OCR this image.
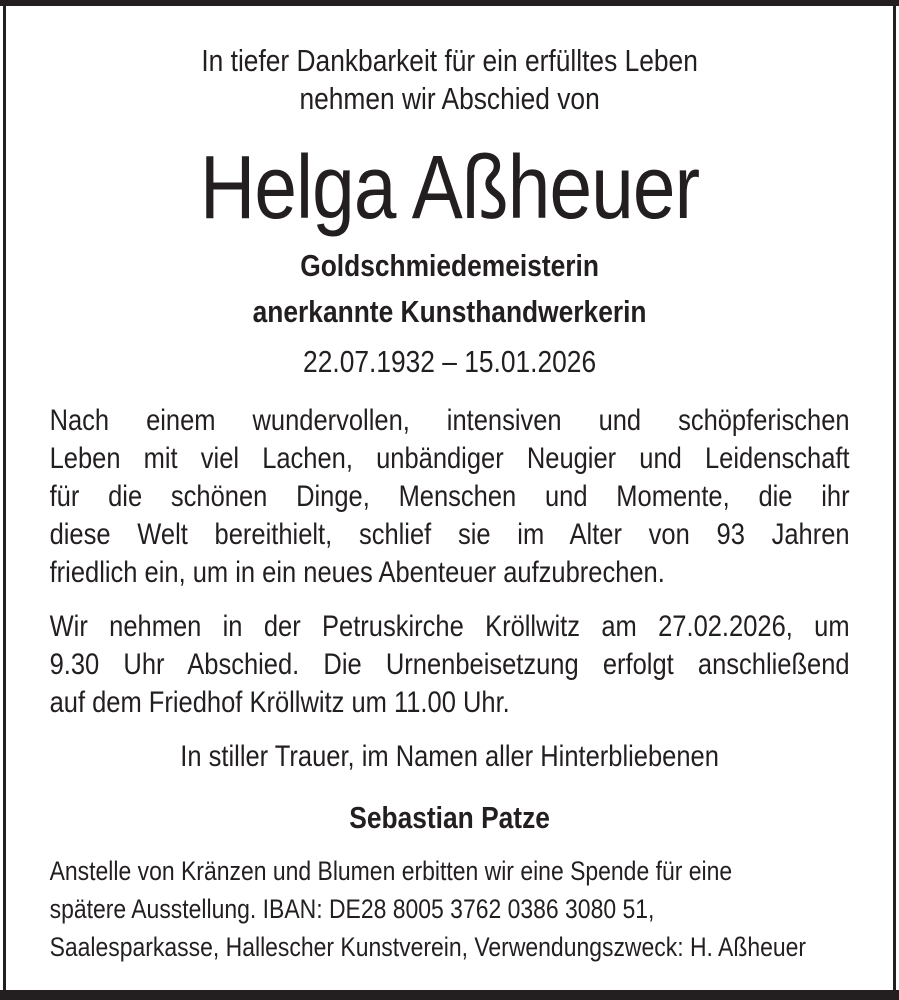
In tiefer Dankbarkeit für ein erfülltes Leben
nehmen wir Abschied von
Helga Aßheuer
Goldschmiedemeisterin
anerkannte Kunsthandwerkerin
22.07.1932 – 15.01.2026
Nach einem wundervollen, intensiven und schöpferischen
Leben mit viel Lachen, unbändiger Neugier und Leidenschaft
für die schönen Dinge, Menschen und Momente, die ihr
diese Welt bereithielt, schlief sie im Alter von 93 Jahren
friedlich ein, um in ein neues Abenteuer aufzubrechen.
Wir nehmen in der Petruskirche Kröllwitz am 27.02.2026, um
9.30 Uhr Abschied. Die Urnenbeisetzung erfolgt anschließend
auf dem Friedhof Kröllwitz um 11.00 Uhr.
In stiller Trauer, im Namen aller Hinterbliebenen
Sebastian Patze
Anstelle von Kränzen und Blumen erbitten wir eine Spende für eine
spätere Ausstellung. IBAN: DE28 8005 3762 0386 3080 51,
Saalesparkasse, Hallescher Kunstverein, Verwendungszweck: H. Aßheuer
